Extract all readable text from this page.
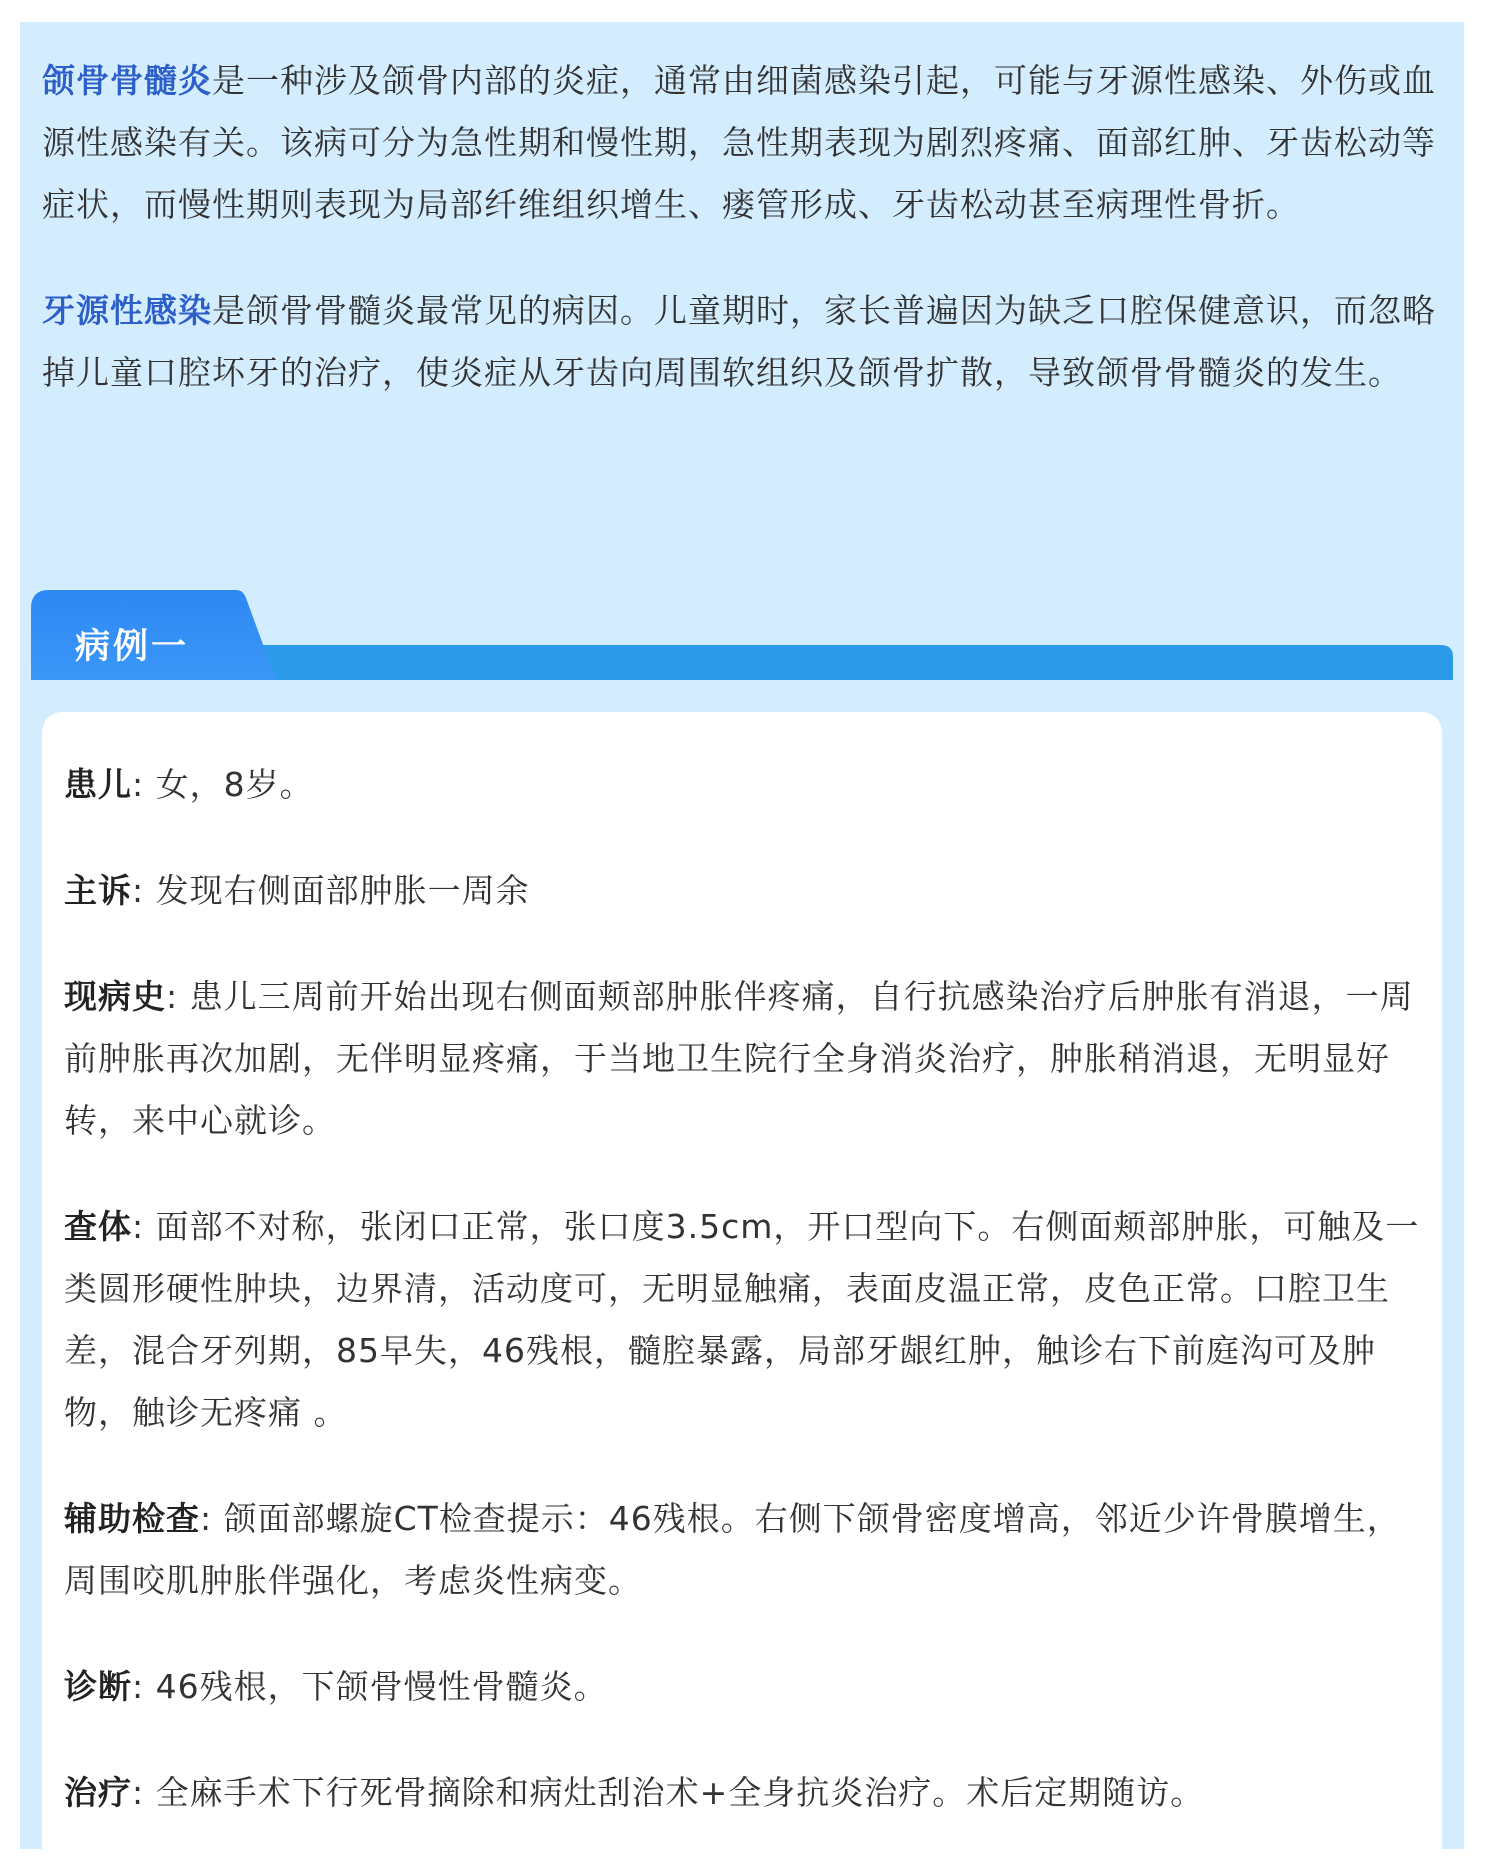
颌骨骨髓炎是一种涉及颌骨内部的炎症，通常由细菌感染引起，可能与牙源性感染、外伤或血源性感染有关。该病可分为急性期和慢性期，急性期表现为剧烈疼痛、面部红肿、牙齿松动等症状，而慢性期则表现为局部纤维组织增生、瘘管形成、牙齿松动甚至病理性骨折。

牙源性感染是颌骨骨髓炎最常见的病因。儿童期时，家长普遍因为缺乏口腔保健意识，而忽略掉儿童口腔坏牙的治疗，使炎症从牙齿向周围软组织及颌骨扩散，导致颌骨骨髓炎的发生。

病例一

患儿: 女，8岁。

主诉: 发现右侧面部肿胀一周余

现病史: 患儿三周前开始出现右侧面颊部肿胀伴疼痛，自行抗感染治疗后肿胀有消退，一周前肿胀再次加剧，无伴明显疼痛，于当地卫生院行全身消炎治疗，肿胀稍消退，无明显好转，来中心就诊。

查体: 面部不对称，张闭口正常，张口度3.5cm，开口型向下。右侧面颊部肿胀，可触及一类圆形硬性肿块，边界清，活动度可，无明显触痛，表面皮温正常，皮色正常。口腔卫生差，混合牙列期，85早失，46残根，髓腔暴露，局部牙龈红肿，触诊右下前庭沟可及肿物，触诊无疼痛 。

辅助检查: 颌面部螺旋CT检查提示：46残根。右侧下颌骨密度增高，邻近少许骨膜增生，周围咬肌肿胀伴强化，考虑炎性病变。

诊断: 46残根，下颌骨慢性骨髓炎。

治疗: 全麻手术下行死骨摘除和病灶刮治术+全身抗炎治疗。术后定期随访。
